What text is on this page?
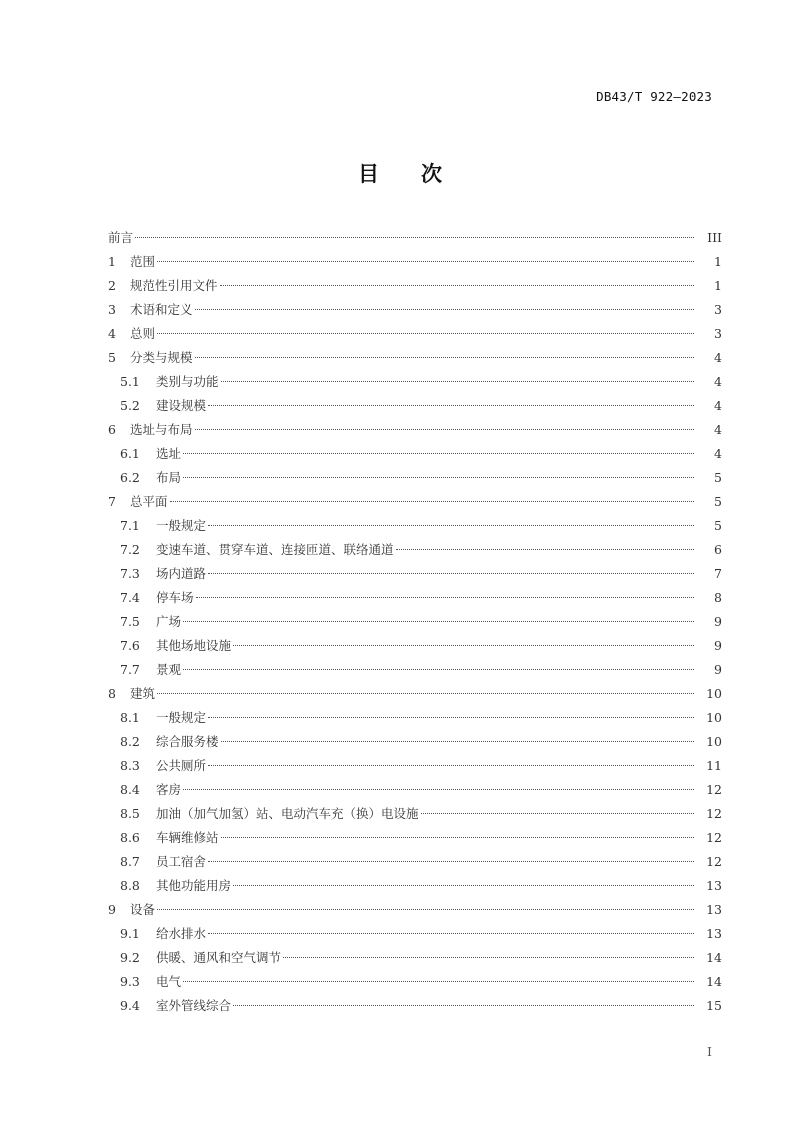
DB43/T 922—2023
目 次
前言	III
1	范围	1
2	规范性引用文件	1
3	术语和定义	3
4	总则	3
5	分类与规模	4
5.1	类别与功能	4
5.2	建设规模	4
6	选址与布局	4
6.1	选址	4
6.2	布局	5
7	总平面	5
7.1	一般规定	5
7.2	变速车道、贯穿车道、连接匝道、联络通道	6
7.3	场内道路	7
7.4	停车场	8
7.5	广场	9
7.6	其他场地设施	9
7.7	景观	9
8	建筑	10
8.1	一般规定	10
8.2	综合服务楼	10
8.3	公共厕所	11
8.4	客房	12
8.5	加油（加气加氢）站、电动汽车充（换）电设施	12
8.6	车辆维修站	12
8.7	员工宿舍	12
8.8	其他功能用房	13
9	设备	13
9.1	给水排水	13
9.2	供暖、通风和空气调节	14
9.3	电气	14
9.4	室外管线综合	15
I
